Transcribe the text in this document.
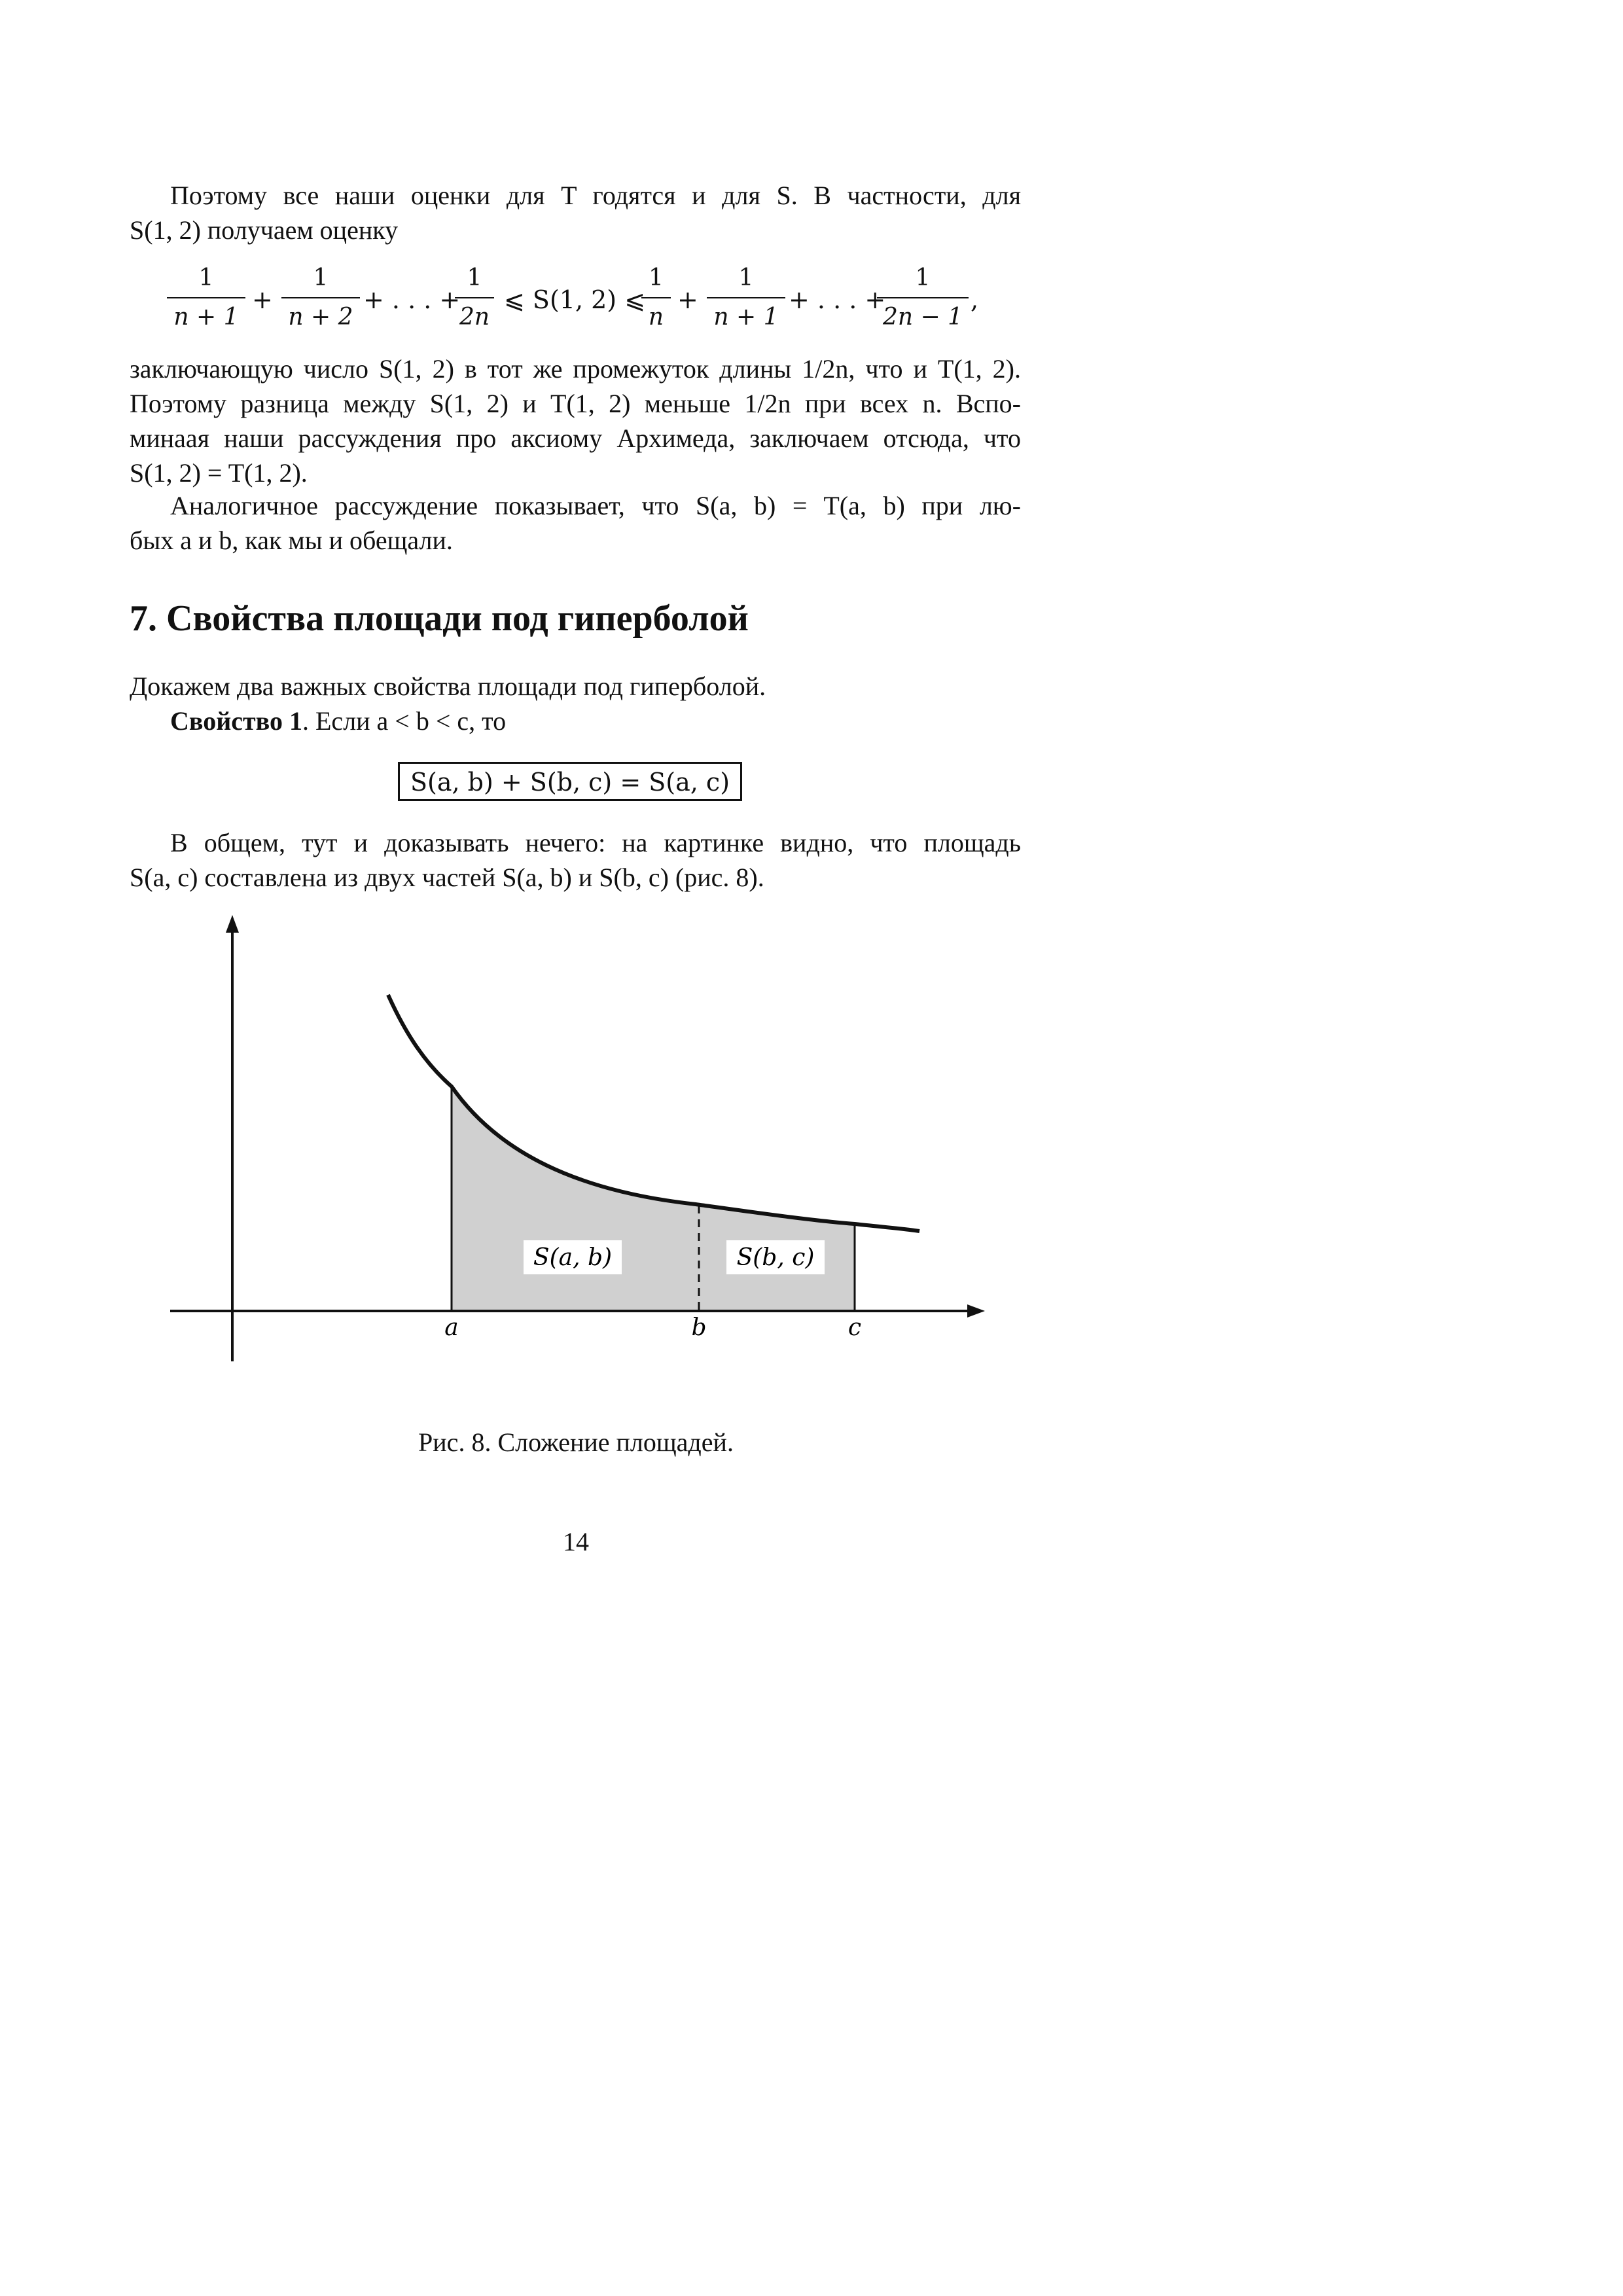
Поэтому все наши оценки для T годятся и для S. В частности, для
S(1, 2) получаем оценку
1
n + 1
+
1
n + 2
+ . . . +
1
2n
⩽ S(1, 2) ⩽
1
n
+
1
n + 1
+ . . . +
1
2n − 1
,
заключающую число S(1, 2) в тот же промежуток длины 1/2n, что и T(1, 2).
Поэтому разница между S(1, 2) и T(1, 2) меньше 1/2n при всех n. Вспо-
минаая наши рассуждения про аксиому Архимеда, заключаем отсюда, что
S(1, 2) = T(1, 2).
Аналогичное рассуждение показывает, что S(a, b) = T(a, b) при лю-
бых a и b, как мы и обещали.
7. Свойства площади под гиперболой
Докажем два важных свойства площади под гиперболой.
Свойство 1. Если a < b < c, то
S(a, b) + S(b, c) = S(a, c)
В общем, тут и доказывать нечего: на картинке видно, что площадь
S(a, c) составлена из двух частей S(a, b) и S(b, c) (рис. 8).
S(a, b)	S(b, c)
a	b	c
Рис. 8. Сложение площадей.
14
